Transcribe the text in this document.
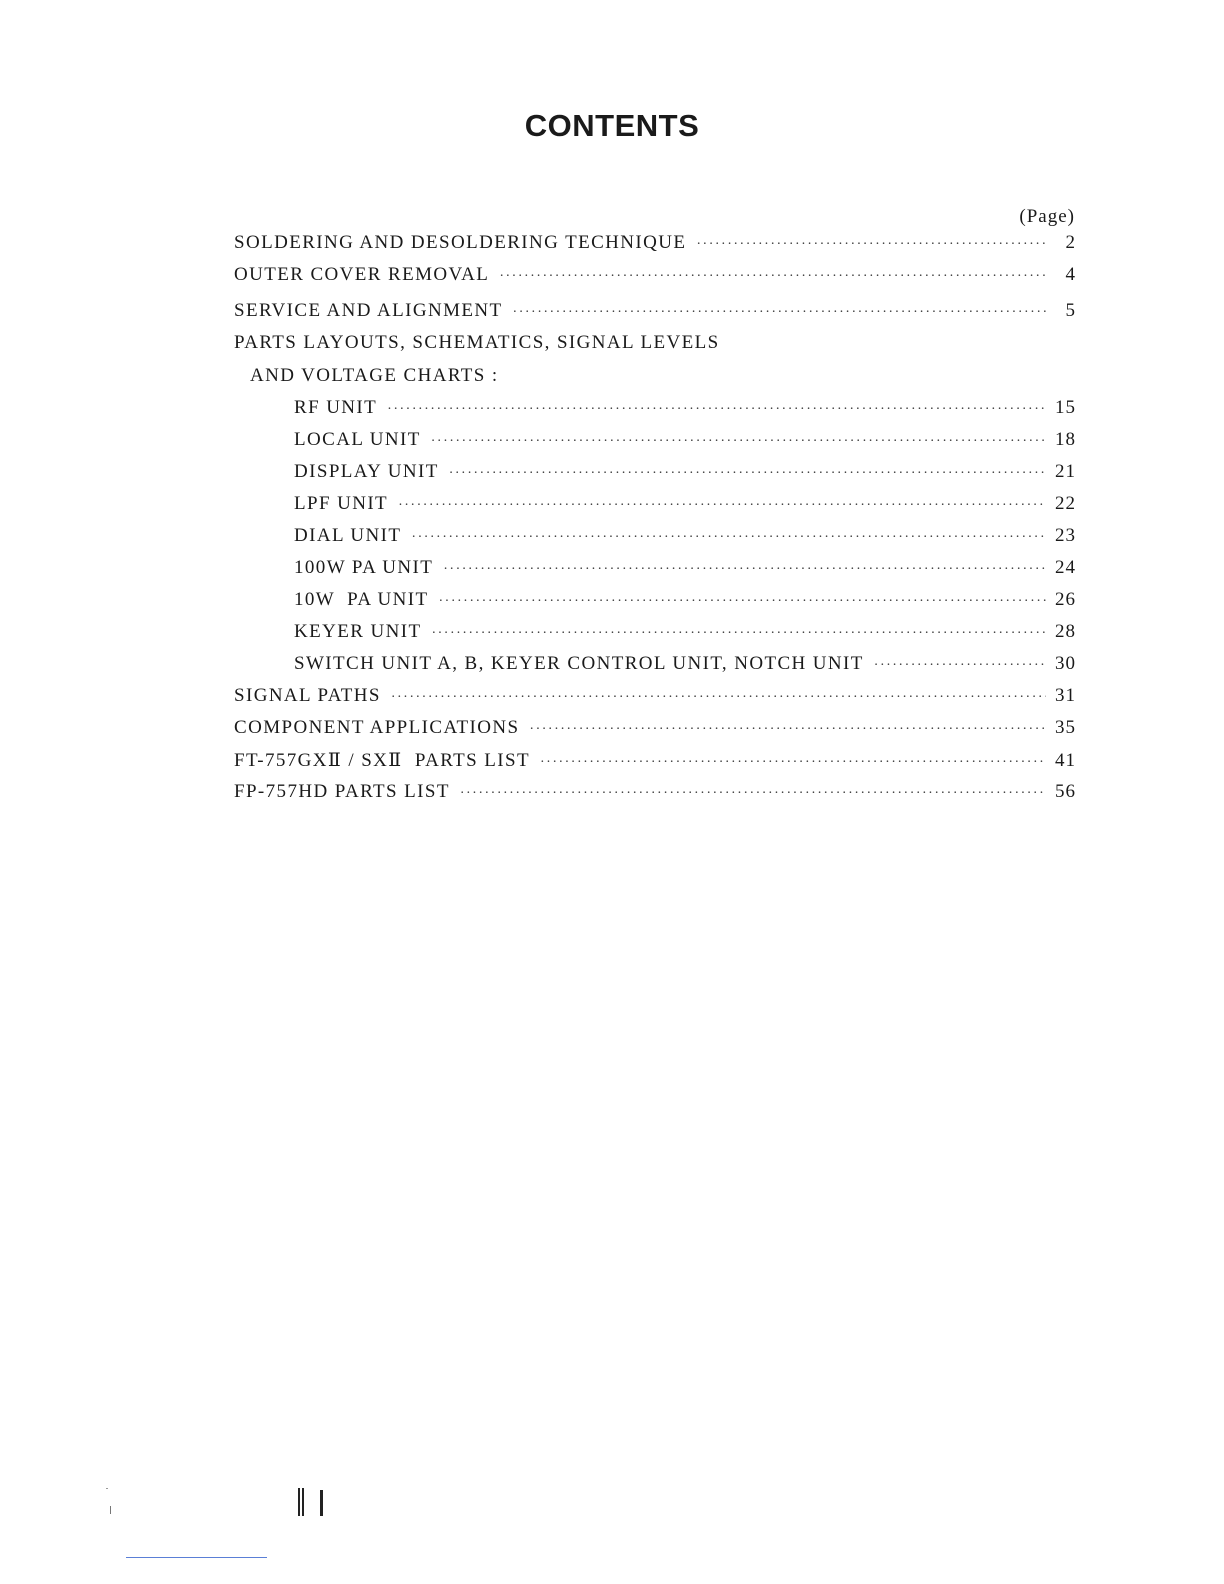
CONTENTS
(Page)
SOLDERING AND DESOLDERING TECHNIQUE ·····	2
OUTER COVER REMOVAL ·····	4
SERVICE AND ALIGNMENT ·····	5
PARTS LAYOUTS, SCHEMATICS, SIGNAL LEVELS
AND VOLTAGE CHARTS :
RF UNIT ·····	15
LOCAL UNIT ·····	18
DISPLAY UNIT ·····	21
LPF UNIT ·····	22
DIAL UNIT ·····	23
100W PA UNIT ·····	24
10W  PA UNIT ·····	26
KEYER UNIT ·····	28
SWITCH UNIT A, B, KEYER CONTROL UNIT, NOTCH UNIT ·····	30
SIGNAL PATHS ·····	31
COMPONENT APPLICATIONS ·····	35
FT-757GXⅡ / SXⅡ  PARTS LIST ·····	41
FP-757HD PARTS LIST ·····	56
